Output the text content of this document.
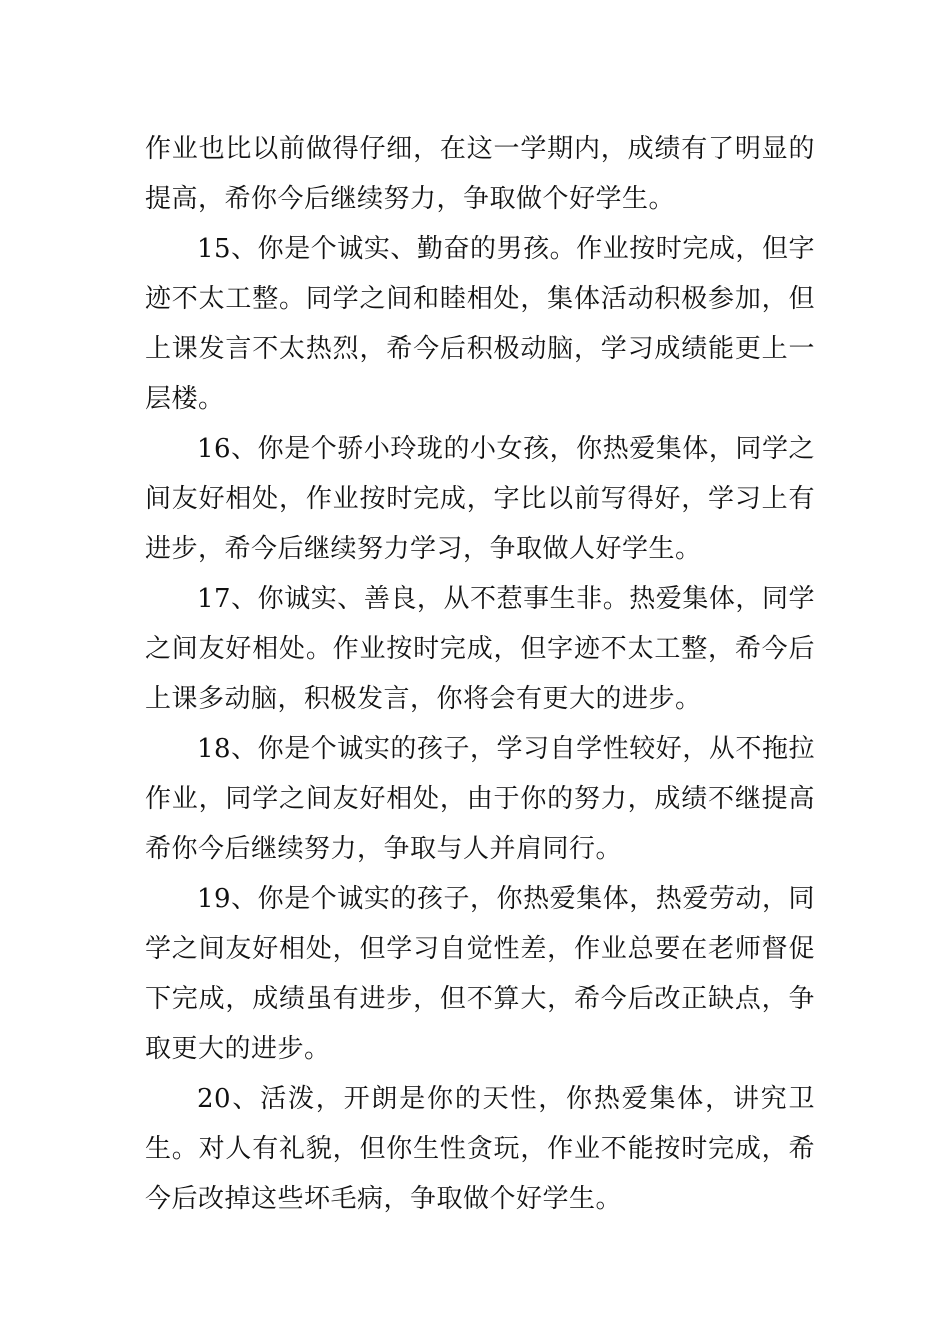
作业也比以前做得仔细，在这一学期内，成绩有了明显的提高，希你今后继续努力，争取做个好学生。

15、你是个诚实、勤奋的男孩。作业按时完成，但字迹不太工整。同学之间和睦相处，集体活动积极参加，但上课发言不太热烈，希今后积极动脑，学习成绩能更上一层楼。

16、你是个骄小玲珑的小女孩，你热爱集体，同学之间友好相处，作业按时完成，字比以前写得好，学习上有进步，希今后继续努力学习，争取做人好学生。

17、你诚实、善良，从不惹事生非。热爱集体，同学之间友好相处。作业按时完成，但字迹不太工整，希今后上课多动脑，积极发言，你将会有更大的进步。

18、你是个诚实的孩子，学习自学性较好，从不拖拉作业，同学之间友好相处，由于你的努力，成绩不继提高希你今后继续努力，争取与人并肩同行。

19、你是个诚实的孩子，你热爱集体，热爱劳动，同学之间友好相处，但学习自觉性差，作业总要在老师督促下完成，成绩虽有进步，但不算大，希今后改正缺点，争取更大的进步。

20、活泼，开朗是你的天性，你热爱集体，讲究卫生。对人有礼貌，但你生性贪玩，作业不能按时完成，希今后改掉这些坏毛病，争取做个好学生。
